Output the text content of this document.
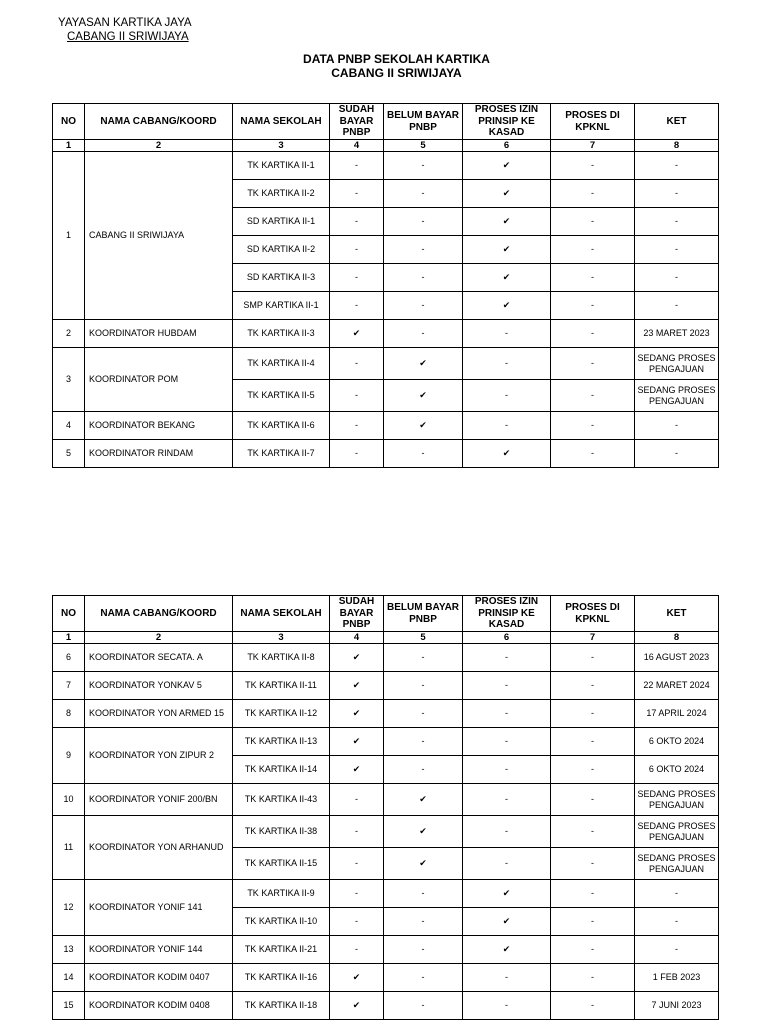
YAYASAN KARTIKA JAYA
CABANG II SRIWIJAYA
DATA PNBP SEKOLAH KARTIKA
CABANG II SRIWIJAYA
NO	NAMA CABANG/KOORD	NAMA SEKOLAH	SUDAH BAYAR PNBP	BELUM BAYAR PNBP	PROSES IZIN PRINSIP KE KASAD	PROSES DI KPKNL	KET
1	2	3	4	5	6	7	8
1	CABANG II SRIWIJAYA	TK KARTIKA II-1	-	-	✔	-	-
		TK KARTIKA II-2	-	-	✔	-	-
		SD KARTIKA II-1	-	-	✔	-	-
		SD KARTIKA II-2	-	-	✔	-	-
		SD KARTIKA II-3	-	-	✔	-	-
		SMP KARTIKA II-1	-	-	✔	-	-
2	KOORDINATOR HUBDAM	TK KARTIKA II-3	✔	-	-	-	23 MARET 2023
3	KOORDINATOR POM	TK KARTIKA II-4	-	✔	-	-	SEDANG PROSES PENGAJUAN
		TK KARTIKA II-5	-	✔	-	-	SEDANG PROSES PENGAJUAN
4	KOORDINATOR BEKANG	TK KARTIKA II-6	-	✔	-	-	-
5	KOORDINATOR RINDAM	TK KARTIKA II-7	-	-	✔	-	-
NO	NAMA CABANG/KOORD	NAMA SEKOLAH	SUDAH BAYAR PNBP	BELUM BAYAR PNBP	PROSES IZIN PRINSIP KE KASAD	PROSES DI KPKNL	KET
1	2	3	4	5	6	7	8
6	KOORDINATOR SECATA. A	TK KARTIKA II-8	✔	-	-	-	16 AGUST 2023
7	KOORDINATOR YONKAV 5	TK KARTIKA II-11	✔	-	-	-	22 MARET 2024
8	KOORDINATOR YON ARMED 15	TK KARTIKA II-12	✔	-	-	-	17 APRIL 2024
9	KOORDINATOR YON ZIPUR 2	TK KARTIKA II-13	✔	-	-	-	6 OKTO 2024
		TK KARTIKA II-14	✔	-	-	-	6 OKTO 2024
10	KOORDINATOR YONIF 200/BN	TK KARTIKA II-43	-	✔	-	-	SEDANG PROSES PENGAJUAN
11	KOORDINATOR YON ARHANUD	TK KARTIKA II-38	-	✔	-	-	SEDANG PROSES PENGAJUAN
		TK KARTIKA II-15	-	✔	-	-	SEDANG PROSES PENGAJUAN
12	KOORDINATOR YONIF 141	TK KARTIKA II-9	-	-	✔	-	-
		TK KARTIKA II-10	-	-	✔	-	-
13	KOORDINATOR YONIF 144	TK KARTIKA II-21	-	-	✔	-	-
14	KOORDINATOR KODIM 0407	TK KARTIKA II-16	✔	-	-	-	1 FEB 2023
15	KOORDINATOR KODIM 0408	TK KARTIKA II-18	✔	-	-	-	7 JUNI 2023
